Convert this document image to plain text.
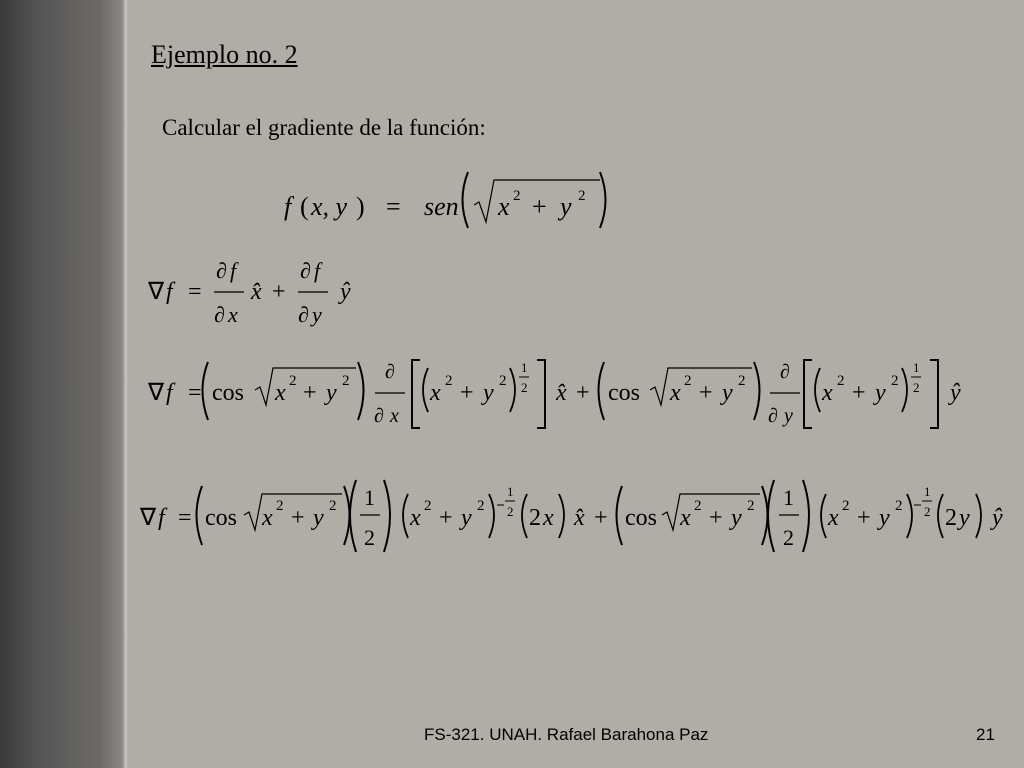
Ejemplo no. 2
Calcular el gradiente de la función:
f ( x, y ) = sen x 2 + y 2
∇ f =
∂ f
∂ x
x̂ +
∂ f
∂ y
ŷ
∇ f = cos x 2 + y 2 ∂
∂ x
x 2 + y 2
1
2 x̂ + cos x 2 + y 2 ∂
∂ y
x 2 + y 2
1
2 ŷ
∇ f = cos x 2 + y 2 1
2
x 2 + y 2
1
2 2 x x̂ + cos x 2 + y 2 1
2
x 2 + y 2
1
2 2 y ŷ
FS-321. UNAH. Rafael Barahona Paz	21
